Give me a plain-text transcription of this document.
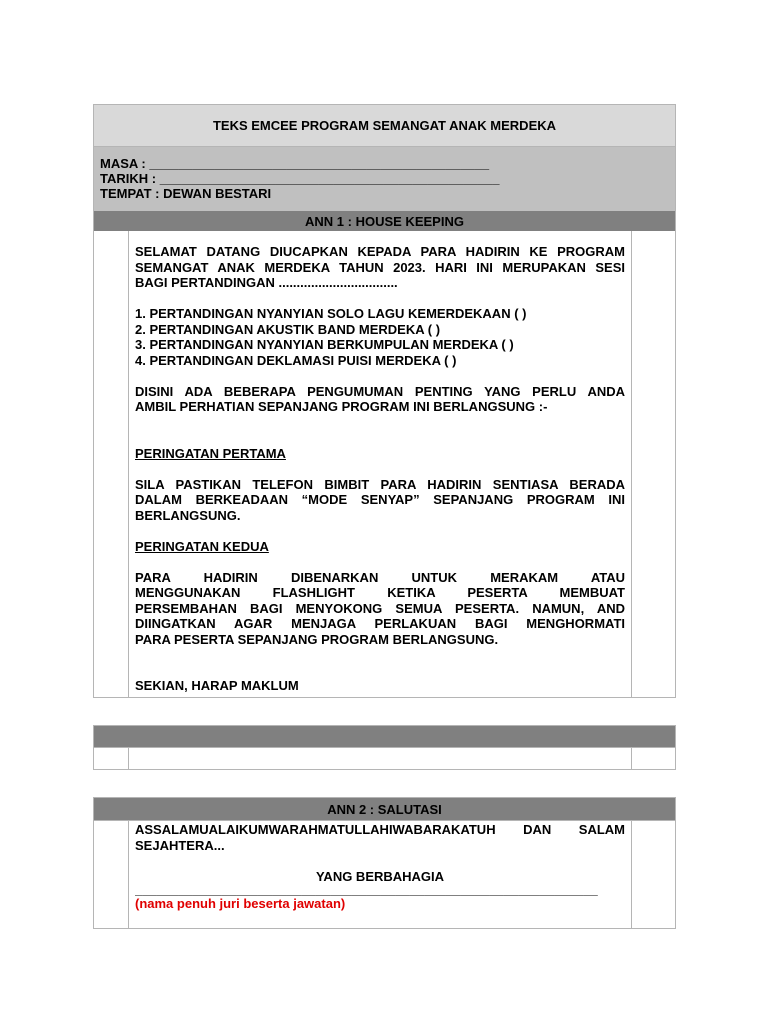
TEKS EMCEE PROGRAM SEMANGAT ANAK MERDEKA
MASA : _______________________________________________
TARIKH : _______________________________________________
TEMPAT : DEWAN BESTARI
ANN 1 : HOUSE KEEPING

SELAMAT DATANG DIUCAPKAN KEPADA PARA HADIRIN KE PROGRAM

SEMANGAT ANAK MERDEKA TAHUN 2023. HARI INI MERUPAKAN SESI

BAGI PERTANDINGAN .................................

1. PERTANDINGAN NYANYIAN SOLO LAGU KEMERDEKAAN ( )

2. PERTANDINGAN AKUSTIK BAND MERDEKA ( )

3. PERTANDINGAN NYANYIAN BERKUMPULAN MERDEKA ( )

4. PERTANDINGAN DEKLAMASI PUISI MERDEKA ( )

DISINI ADA BEBERAPA PENGUMUMAN PENTING YANG PERLU ANDA

AMBIL PERHATIAN SEPANJANG PROGRAM INI BERLANGSUNG :-

PERINGATAN PERTAMA

SILA PASTIKAN TELEFON BIMBIT PARA HADIRIN SENTIASA BERADA

DALAM BERKEADAAN “MODE SENYAP” SEPANJANG PROGRAM INI

BERLANGSUNG.

PERINGATAN KEDUA

PARA HADIRIN DIBENARKAN UNTUK MERAKAM ATAU

MENGGUNAKAN FLASHLIGHT KETIKA PESERTA MEMBUAT

PERSEMBAHAN BAGI MENYOKONG SEMUA PESERTA. NAMUN, AND

DIINGATKAN AGAR MENJAGA PERLAKUAN BAGI MENGHORMATI

PARA PESERTA SEPANJANG PROGRAM BERLANGSUNG.

SEKIAN, HARAP MAKLUM

ANN 2 : SALUTASI

ASSALAMUALAIKUMWARAHMATULLAHIWABARAKATUH DAN SALAM

SEJAHTERA...

YANG BERBAHAGIA

________________________________________________________________

(nama penuh juri beserta jawatan)
